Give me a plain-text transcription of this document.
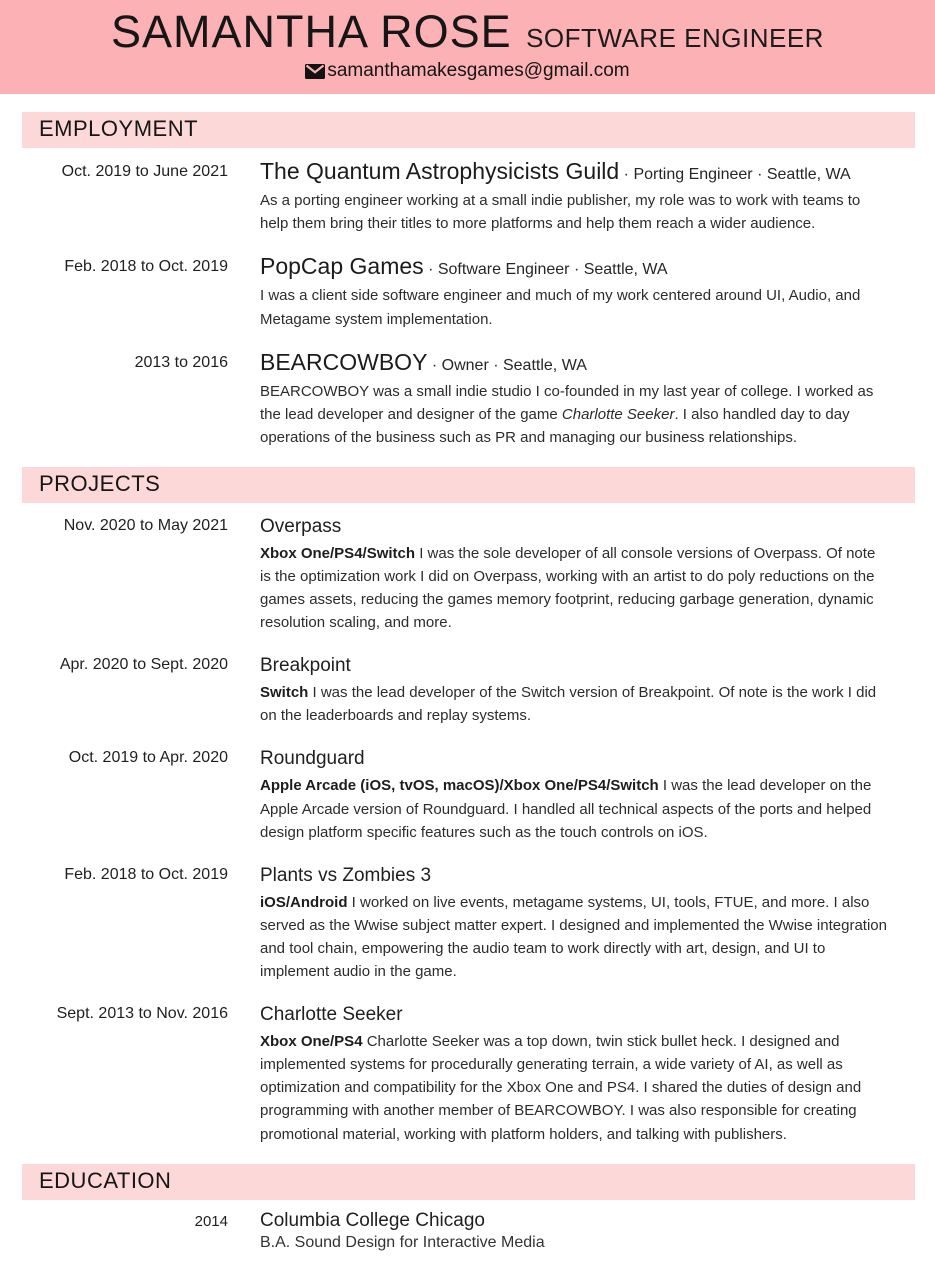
SAMANTHA ROSE SOFTWARE ENGINEER
samanthamakesgames@gmail.com
EMPLOYMENT
Oct. 2019 to June 2021 The Quantum Astrophysicists Guild · Porting Engineer · Seattle, WA

As a porting engineer working at a small indie publisher, my role was to work with teams to help them bring their titles to more platforms and help them reach a wider audience.

Feb. 2018 to Oct. 2019 PopCap Games · Software Engineer · Seattle, WA

I was a client side software engineer and much of my work centered around UI, Audio, and Metagame system implementation.

2013 to 2016 BEARCOWBOY · Owner · Seattle, WA

BEARCOWBOY was a small indie studio I co-founded in my last year of college. I worked as the lead developer and designer of the game Charlotte Seeker. I also handled day to day operations of the business such as PR and managing our business relationships.

PROJECTS
Nov. 2020 to May 2021 Overpass

Xbox One/PS4/Switch I was the sole developer of all console versions of Overpass. Of note is the optimization work I did on Overpass, working with an artist to do poly reductions on the games assets, reducing the games memory footprint, reducing garbage generation, dynamic resolution scaling, and more.

Apr. 2020 to Sept. 2020 Breakpoint

Switch I was the lead developer of the Switch version of Breakpoint. Of note is the work I did on the leaderboards and replay systems.

Oct. 2019 to Apr. 2020 Roundguard

Apple Arcade (iOS, tvOS, macOS)/Xbox One/PS4/Switch I was the lead developer on the Apple Arcade version of Roundguard. I handled all technical aspects of the ports and helped design platform specific features such as the touch controls on iOS.

Feb. 2018 to Oct. 2019 Plants vs Zombies 3

iOS/Android I worked on live events, metagame systems, UI, tools, FTUE, and more. I also served as the Wwise subject matter expert. I designed and implemented the Wwise integration and tool chain, empowering the audio team to work directly with art, design, and UI to implement audio in the game.

Sept. 2013 to Nov. 2016 Charlotte Seeker

Xbox One/PS4 Charlotte Seeker was a top down, twin stick bullet heck. I designed and implemented systems for procedurally generating terrain, a wide variety of AI, as well as optimization and compatibility for the Xbox One and PS4. I shared the duties of design and programming with another member of BEARCOWBOY. I was also responsible for creating promotional material, working with platform holders, and talking with publishers.

EDUCATION
2014 Columbia College Chicago

B.A. Sound Design for Interactive Media
